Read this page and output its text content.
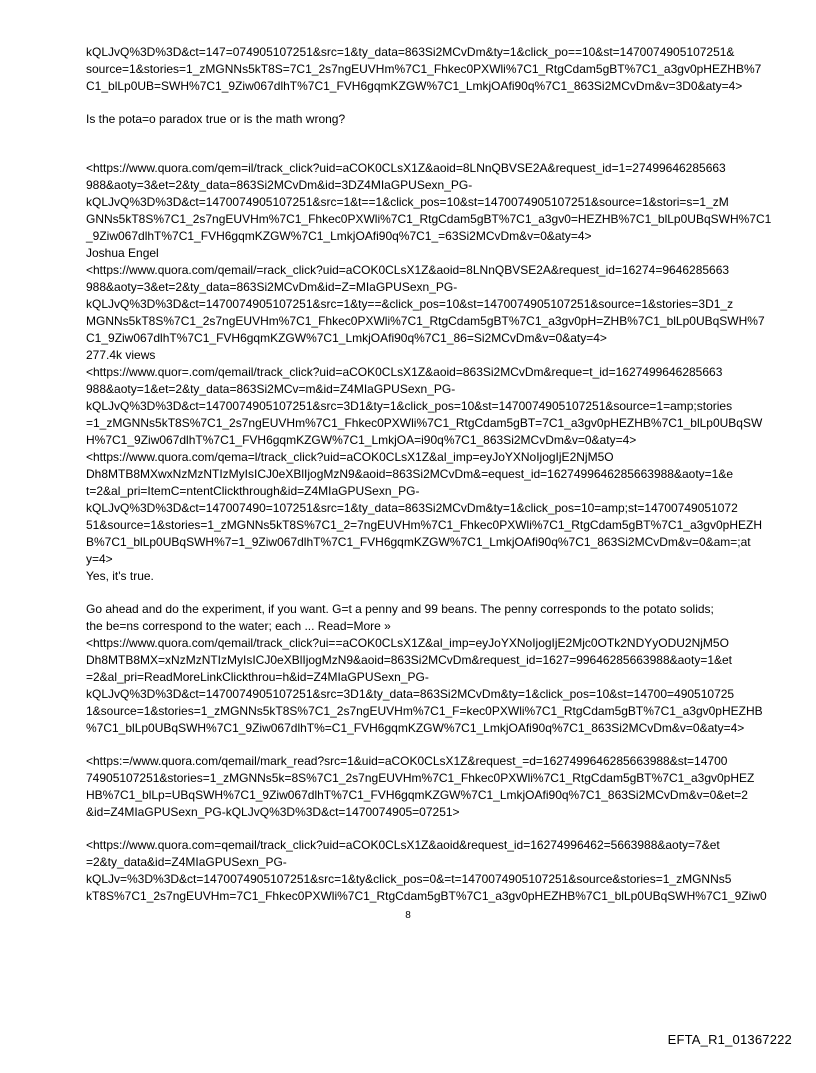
kQLJvQ%3D%3D&ct=147=074905107251&src=1&ty_data=863Si2MCvDm&ty=1&click_po==10&st=1470074905107251&

source=1&stories=1_zMGNNs5kT8S=7C1_2s7ngEUVHm%7C1_Fhkec0PXWli%7C1_RtgCdam5gBT%7C1_a3gv0pHEZHB%7

C1_blLp0UB=SWH%7C1_9Ziw067dlhT%7C1_FVH6gqmKZGW%7C1_LmkjOAfi90q%7C1_863Si2MCvDm&v=3D0&aty=4>

Is the pota=o paradox true or is the math wrong?

<https://www.quora.com/qem=il/track_click?uid=aCOK0CLsX1Z&aoid=8LNnQBVSE2A&request_id=1=27499646285663

988&aoty=3&et=2&ty_data=863Si2MCvDm&id=3DZ4MIaGPUSexn_PG-

kQLJvQ%3D%3D&ct=1470074905107251&src=1&t==1&click_pos=10&st=1470074905107251&source=1&stori=s=1_zM

GNNs5kT8S%7C1_2s7ngEUVHm%7C1_Fhkec0PXWli%7C1_RtgCdam5gBT%7C1_a3gv0=HEZHB%7C1_blLp0UBqSWH%7C1

_9Ziw067dlhT%7C1_FVH6gqmKZGW%7C1_LmkjOAfi90q%7C1_=63Si2MCvDm&v=0&aty=4>

Joshua Engel

<https://www.quora.com/qemail/=rack_click?uid=aCOK0CLsX1Z&aoid=8LNnQBVSE2A&request_id=16274=9646285663

988&aoty=3&et=2&ty_data=863Si2MCvDm&id=Z=MIaGPUSexn_PG-

kQLJvQ%3D%3D&ct=1470074905107251&src=1&ty==&click_pos=10&st=1470074905107251&source=1&stories=3D1_z

MGNNs5kT8S%7C1_2s7ngEUVHm%7C1_Fhkec0PXWli%7C1_RtgCdam5gBT%7C1_a3gv0pH=ZHB%7C1_blLp0UBqSWH%7

C1_9Ziw067dlhT%7C1_FVH6gqmKZGW%7C1_LmkjOAfi90q%7C1_86=Si2MCvDm&v=0&aty=4>

277.4k views

<https://www.quor=.com/qemail/track_click?uid=aCOK0CLsX1Z&aoid=863Si2MCvDm&reque=t_id=1627499646285663

988&aoty=1&et=2&ty_data=863Si2MCv=m&id=Z4MIaGPUSexn_PG-

kQLJvQ%3D%3D&ct=1470074905107251&src=3D1&ty=1&click_pos=10&st=1470074905107251&source=1=amp;stories

=1_zMGNNs5kT8S%7C1_2s7ngEUVHm%7C1_Fhkec0PXWli%7C1_RtgCdam5gBT=7C1_a3gv0pHEZHB%7C1_blLp0UBqSW

H%7C1_9Ziw067dlhT%7C1_FVH6gqmKZGW%7C1_LmkjOA=i90q%7C1_863Si2MCvDm&v=0&aty=4>

<https://www.quora.com/qema=l/track_click?uid=aCOK0CLsX1Z&al_imp=eyJoYXNoIjogIjE2NjM5O

Dh8MTB8MXwxNzMzNTIzMyIsICJ0eXBlIjogMzN9&aoid=863Si2MCvDm&=equest_id=1627499646285663988&aoty=1&e

t=2&al_pri=ItemC=ntentClickthrough&id=Z4MIaGPUSexn_PG-

kQLJvQ%3D%3D&ct=147007490=107251&src=1&ty_data=863Si2MCvDm&ty=1&click_pos=10=amp;st=14700749051072

51&source=1&stories=1_zMGNNs5kT8S%7C1_2=7ngEUVHm%7C1_Fhkec0PXWli%7C1_RtgCdam5gBT%7C1_a3gv0pHEZH

B%7C1_blLp0UBqSWH%7=1_9Ziw067dlhT%7C1_FVH6gqmKZGW%7C1_LmkjOAfi90q%7C1_863Si2MCvDm&v=0&am=;at

y=4>

Yes, it's true.

Go ahead and do the experiment, if you want. G=t a penny and 99 beans. The penny corresponds to the potato solids;

the be=ns correspond to the water; each ... Read=More »

<https://www.quora.com/qemail/track_click?ui==aCOK0CLsX1Z&al_imp=eyJoYXNoIjogIjE2Mjc0OTk2NDYyODU2NjM5O

Dh8MTB8MX=xNzMzNTIzMyIsICJ0eXBlIjogMzN9&aoid=863Si2MCvDm&request_id=1627=99646285663988&aoty=1&et

=2&al_pri=ReadMoreLinkClickthrou=h&id=Z4MIaGPUSexn_PG-

kQLJvQ%3D%3D&ct=1470074905107251&src=3D1&ty_data=863Si2MCvDm&ty=1&click_pos=10&st=14700=490510725

1&source=1&stories=1_zMGNNs5kT8S%7C1_2s7ngEUVHm%7C1_F=kec0PXWli%7C1_RtgCdam5gBT%7C1_a3gv0pHEZHB

%7C1_blLp0UBqSWH%7C1_9Ziw067dlhT%=C1_FVH6gqmKZGW%7C1_LmkjOAfi90q%7C1_863Si2MCvDm&v=0&aty=4>

<https:=/www.quora.com/qemail/mark_read?src=1&uid=aCOK0CLsX1Z&request_=d=1627499646285663988&st=14700

74905107251&stories=1_zMGNNs5k=8S%7C1_2s7ngEUVHm%7C1_Fhkec0PXWli%7C1_RtgCdam5gBT%7C1_a3gv0pHEZ

HB%7C1_blLp=UBqSWH%7C1_9Ziw067dlhT%7C1_FVH6gqmKZGW%7C1_LmkjOAfi90q%7C1_863Si2MCvDm&v=0&et=2

&id=Z4MIaGPUSexn_PG-kQLJvQ%3D%3D&ct=1470074905=07251>

<https://www.quora.com=qemail/track_click?uid=aCOK0CLsX1Z&aoid&request_id=16274996462=5663988&aoty=7&et

=2&ty_data&id=Z4MIaGPUSexn_PG-

kQLJv=%3D%3D&ct=1470074905107251&src=1&ty&click_pos=0&=t=1470074905107251&source&stories=1_zMGNNs5

kT8S%7C1_2s7ngEUVHm=7C1_Fhkec0PXWli%7C1_RtgCdam5gBT%7C1_a3gv0pHEZHB%7C1_blLp0UBqSWH%7C1_9Ziw0

8
EFTA_R1_01367222
